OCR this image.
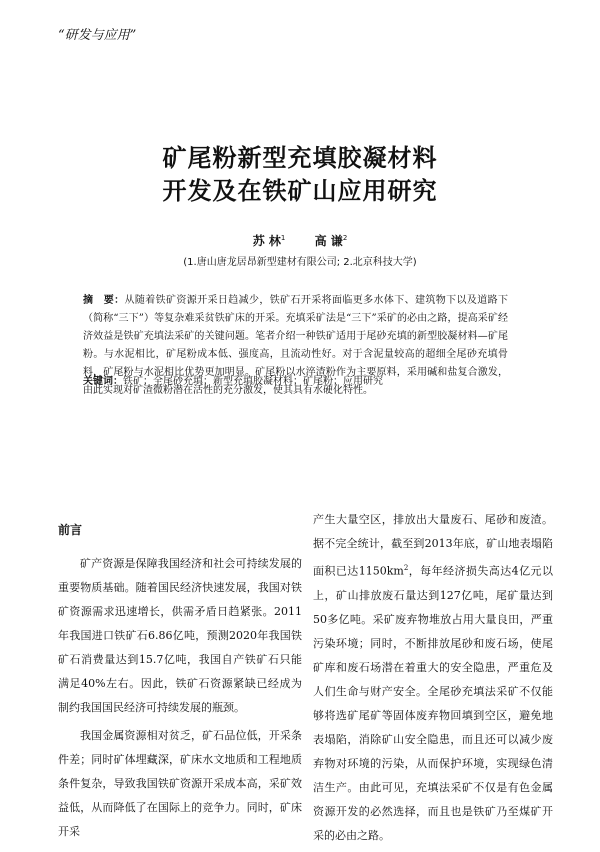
“研发与应用”
矿尾粉新型充填胶凝材料
开发及在铁矿山应用研究
苏 林$^1$ 高 谦$^2$
(1.唐山唐龙居昂新型建材有限公司; 2.北京科技大学)
摘　要：从随着铁矿资源开采日趋减少，铁矿石开采将面临更多水体下、建筑物下以及道路下（简称“三下”）等复杂难采贫铁矿床的开采。充填采矿法是“三下”采矿的必由之路，提高采矿经济效益是铁矿充填法采矿的关键问题。笔者介绍一种铁矿适用于尾砂充填的新型胶凝材料—矿尾粉。与水泥相比，矿尾粉成本低、强度高，且流动性好。对于含泥量较高的超细全尾砂充填骨料，矿尾粉与水泥相比优势更加明显。矿尾粉以水淬渣粉作为主要原料，采用碱和盐复合激发，由此实现对矿渣微粉潜在活性的充分激发，使其具有水硬化特性。
关键词：铁矿；全尾砂充填；新型充填胶凝材料；矿尾粉；应用研究
前言

矿产资源是保障我国经济和社会可持续发展的重要物质基础。随着国民经济快速发展，我国对铁矿资源需求迅速增长，供需矛盾日趋紧张。2011年我国进口铁矿石6.86亿吨，预测2020年我国铁矿石消费量达到15.7亿吨，我国自产铁矿石只能满足40%左右。因此，铁矿石资源紧缺已经成为制约我国国民经济可持续发展的瓶颈。

我国金属资源相对贫乏，矿石品位低，开采条件差；同时矿体埋藏深，矿床水文地质和工程地质条件复杂，导致我国铁矿资源开采成本高，采矿效益低，从而降低了在国际上的竞争力。同时，矿床开采

产生大量空区，排放出大量废石、尾砂和废渣。据不完全统计，截至到2013年底，矿山地表塌陷面积已达$1150km^2$，每年经济损失高达4亿元以上，矿山排放废石量达到127亿吨，尾矿量达到50多亿吨。采矿废弃物堆放占用大量良田，严重污染环境；同时，不断排放尾砂和废石场，使尾矿库和废石场潜在着重大的安全隐患，严重危及人们生命与财产安全。全尾砂充填法采矿不仅能够将选矿尾矿等固体废弃物回填到空区，避免地表塌陷，消除矿山安全隐患，而且还可以减少废弃物对环境的污染，从而保护环境，实现绿色清洁生产。由此可见，充填法采矿不仅是有色金属资源开发的必然选择，而且也是铁矿乃至煤矿开采的必由之路。
